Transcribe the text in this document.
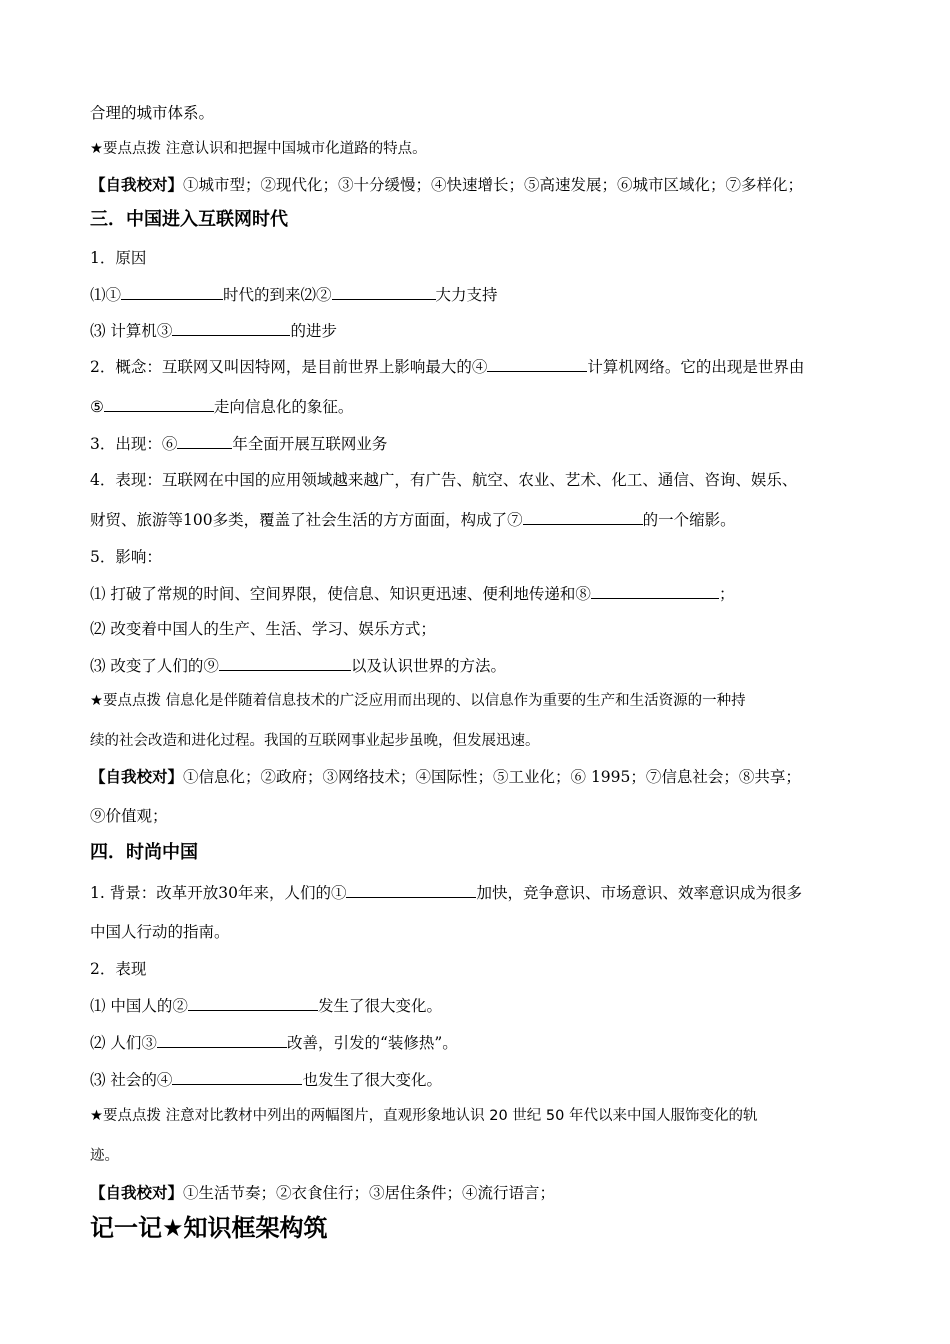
合理的城市体系。
★要点点拨 注意认识和把握中国城市化道路的特点。
【自我校对】①城市型；②现代化；③十分缓慢；④快速增长；⑤高速发展；⑥城市区域化；⑦多样化；
三．中国进入互联网时代
1．原因
⑴①	时代的到来⑵②	大力支持
⑶ 计算机③	的进步
2．概念：互联网又叫因特网，是目前世界上影响最大的④	计算机网络。它的出现是世界由
⑤	走向信息化的象征。
3．出现：⑥	年全面开展互联网业务
4．表现：互联网在中国的应用领域越来越广，有广告、航空、农业、艺术、化工、通信、咨询、娱乐、
财贸、旅游等100多类，覆盖了社会生活的方方面面，构成了⑦	的一个缩影。
5．影响：
⑴ 打破了常规的时间、空间界限，使信息、知识更迅速、便利地传递和⑧	；
⑵ 改变着中国人的生产、生活、学习、娱乐方式；
⑶ 改变了人们的⑨	以及认识世界的方法。
★要点点拨 信息化是伴随着信息技术的广泛应用而出现的、以信息作为重要的生产和生活资源的一种持
续的社会改造和进化过程。我国的互联网事业起步虽晚，但发展迅速。
【自我校对】①信息化；②政府；③网络技术；④国际性；⑤工业化；⑥ 1995；⑦信息社会；⑧共享；
⑨价值观；
四．时尚中国
1. 背景：改革开放30年来，人们的①	加快，竞争意识、市场意识、效率意识成为很多
中国人行动的指南。
2．表现
⑴ 中国人的②	发生了很大变化。
⑵ 人们③	改善，引发的“装修热”。
⑶ 社会的④	也发生了很大变化。
★要点点拨 注意对比教材中列出的两幅图片，直观形象地认识 20 世纪 50 年代以来中国人服饰变化的轨
迹。
【自我校对】①生活节奏；②衣食住行；③居住条件；④流行语言；
记一记★知识框架构筑
